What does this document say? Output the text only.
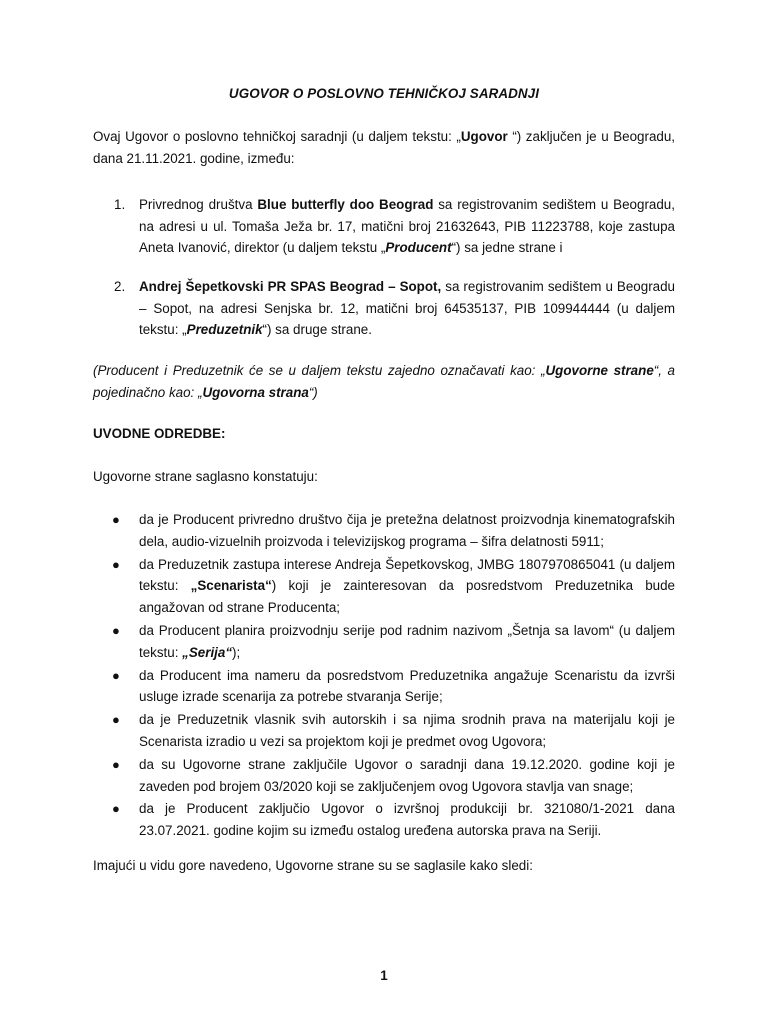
UGOVOR O POSLOVNO TEHNIČKOJ SARADNJI
Ovaj Ugovor o poslovno tehničkoj saradnji (u daljem tekstu: „Ugovor “) zaključen je u Beogradu, dana 21.11.2021. godine, između:
1. Privrednog društva Blue butterfly doo Beograd sa registrovanim sedištem u Beogradu, na adresi u ul. Tomaša Ježa br. 17, matični broj 21632643, PIB 11223788, koje zastupa Aneta Ivanović, direktor (u daljem tekstu „Producent“) sa jedne strane i
2. Andrej Šepetkovski PR SPAS Beograd – Sopot, sa registrovanim sedištem u Beogradu – Sopot, na adresi Senjska br. 12, matični broj 64535137, PIB 109944444 (u daljem tekstu: „Preduzetnik“) sa druge strane.
(Producent i Preduzetnik će se u daljem tekstu zajedno označavati kao: „Ugovorne strane“, a pojedinačno kao: „Ugovorna strana“)
UVODNE ODREDBE:
Ugovorne strane saglasno konstatuju:
● da je Producent privredno društvo čija je pretežna delatnost proizvodnja kinematografskih dela, audio-vizuelnih proizvoda i televizijskog programa – šifra delatnosti 5911;
● da Preduzetnik zastupa interese Andreja Šepetkovskog, JMBG 1807970865041 (u daljem tekstu: „Scenarista“) koji je zainteresovan da posredstvom Preduzetnika bude angažovan od strane Producenta;
● da Producent planira proizvodnju serije pod radnim nazivom „Šetnja sa lavom“ (u daljem tekstu: „Serija“);
● da Producent ima nameru da posredstvom Preduzetnika angažuje Scenaristu da izvrši usluge izrade scenarija za potrebe stvaranja Serije;
● da je Preduzetnik vlasnik svih autorskih i sa njima srodnih prava na materijalu koji je Scenarista izradio u vezi sa projektom koji je predmet ovog Ugovora;
● da su Ugovorne strane zaključile Ugovor o saradnji dana 19.12.2020. godine koji je zaveden pod brojem 03/2020 koji se zaključenjem ovog Ugovora stavlja van snage;
● da je Producent zaključio Ugovor o izvršnoj produkciji br. 321080/1-2021 dana 23.07.2021. godine kojim su između ostalog uređena autorska prava na Seriji.
Imajući u vidu gore navedeno, Ugovorne strane su se saglasile kako sledi:
1
